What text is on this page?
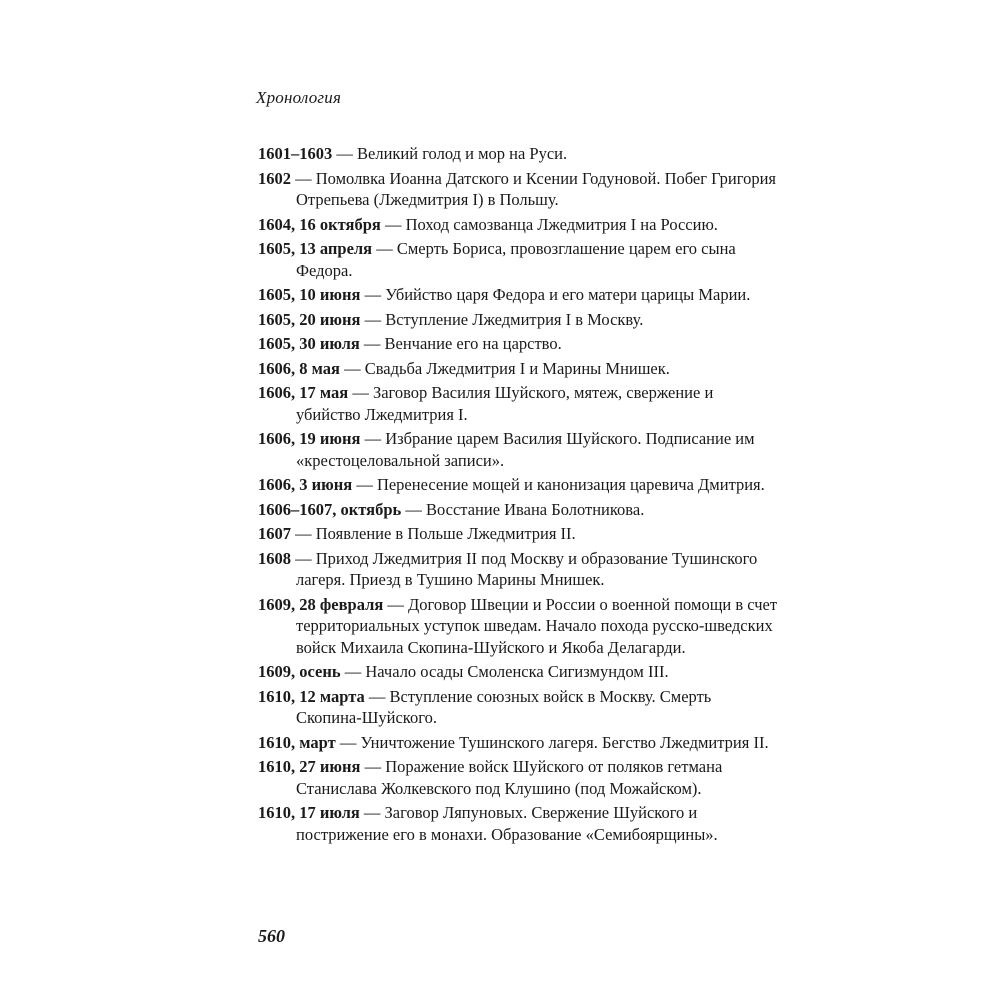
Хронология
1601–1603 — Великий голод и мор на Руси.
1602 — Помолвка Иоанна Датского и Ксении Годуновой. Побег Григория Отрепьева (Лжедмитрия I) в Польшу.
1604, 16 октября — Поход самозванца Лжедмитрия I на Россию.
1605, 13 апреля — Смерть Бориса, провозглашение царем его сына Федора.
1605, 10 июня — Убийство царя Федора и его матери царицы Марии.
1605, 20 июня — Вступление Лжедмитрия I в Москву.
1605, 30 июля — Венчание его на царство.
1606, 8 мая — Свадьба Лжедмитрия I и Марины Мнишек.
1606, 17 мая — Заговор Василия Шуйского, мятеж, свержение и убийство Лжедмитрия I.
1606, 19 июня — Избрание царем Василия Шуйского. Подписание им «крестоцеловальной записи».
1606, 3 июня — Перенесение мощей и канонизация царевича Дмитрия.
1606–1607, октябрь — Восстание Ивана Болотникова.
1607 — Появление в Польше Лжедмитрия II.
1608 — Приход Лжедмитрия II под Москву и образование Тушинского лагеря. Приезд в Тушино Марины Мнишек.
1609, 28 февраля — Договор Швеции и России о военной помощи в счет территориальных уступок шведам. Начало похода русско-шведских войск Михаила Скопина-Шуйского и Якоба Делагарди.
1609, осень — Начало осады Смоленска Сигизмундом III.
1610, 12 марта — Вступление союзных войск в Москву. Смерть Скопина-Шуйского.
1610, март — Уничтожение Тушинского лагеря. Бегство Лжедмитрия II.
1610, 27 июня — Поражение войск Шуйского от поляков гетмана Станислава Жолкевского под Клушино (под Можайском).
1610, 17 июля — Заговор Ляпуновых. Свержение Шуйского и пострижение его в монахи. Образование «Семибоярщины».
560
